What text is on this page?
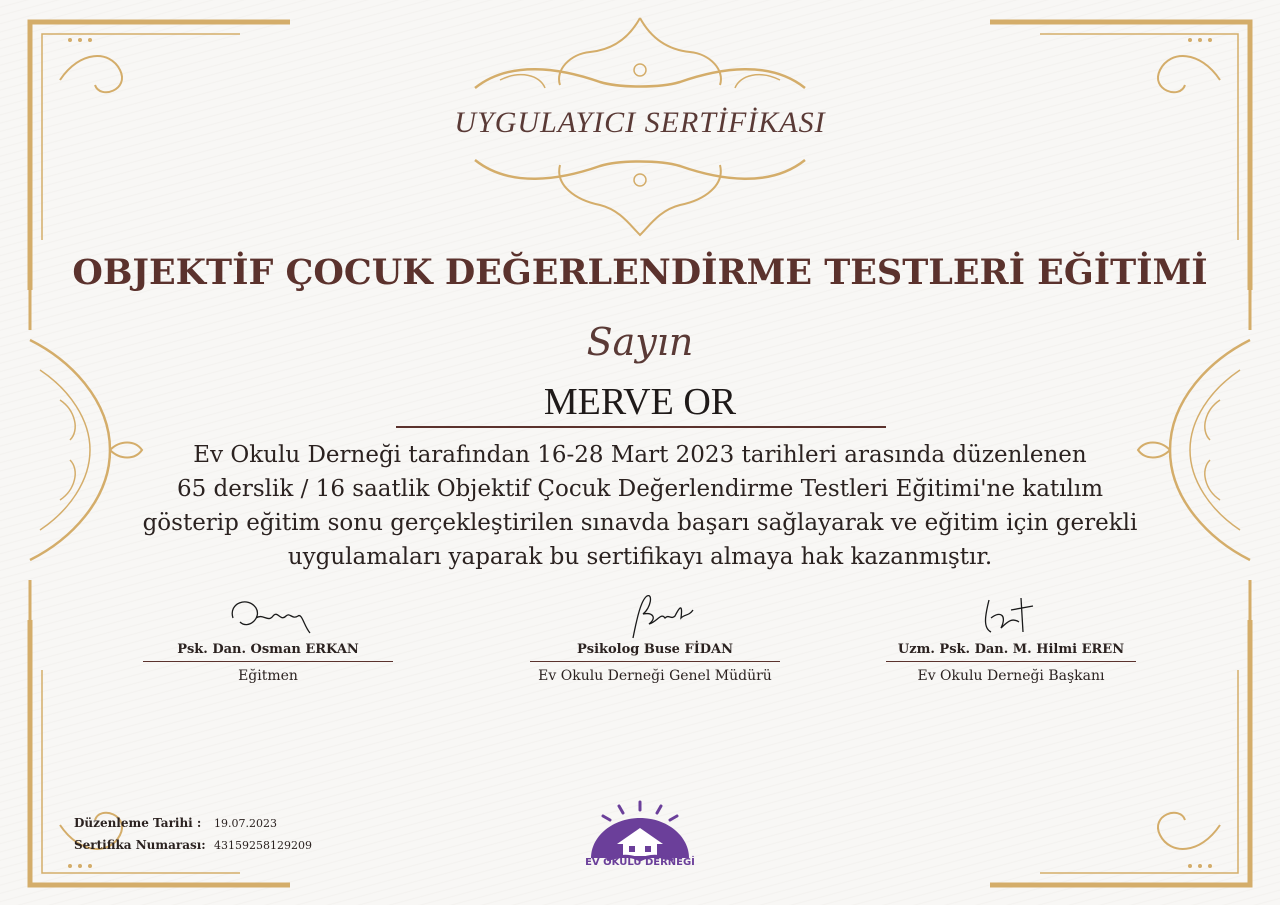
UYGULAYICI SERTİFİKASI
OBJEKTİF ÇOCUK DEĞERLENDİRME TESTLERİ EĞİTİMİ
Sayın
MERVE OR
Ev Okulu Derneği tarafından 16-28 Mart 2023 tarihleri arasında düzenlenen
65 derslik / 16 saatlik Objektif Çocuk Değerlendirme Testleri Eğitimi'ne katılım
gösterip eğitim sonu gerçekleştirilen sınavda başarı sağlayarak ve eğitim için gerekli
uygulamaları yaparak bu sertifikayı almaya hak kazanmıştır.
Psk. Dan. Osman ERKAN
Eğitmen
Psikolog Buse FİDAN
Ev Okulu Derneği Genel Müdürü
Uzm. Psk. Dan. M. Hilmi EREN
Ev Okulu Derneği Başkanı
Düzenleme Tarihi :	19.07.2023
Sertifika Numarası: 43159258129209
EV OKULU DERNEĞİ
